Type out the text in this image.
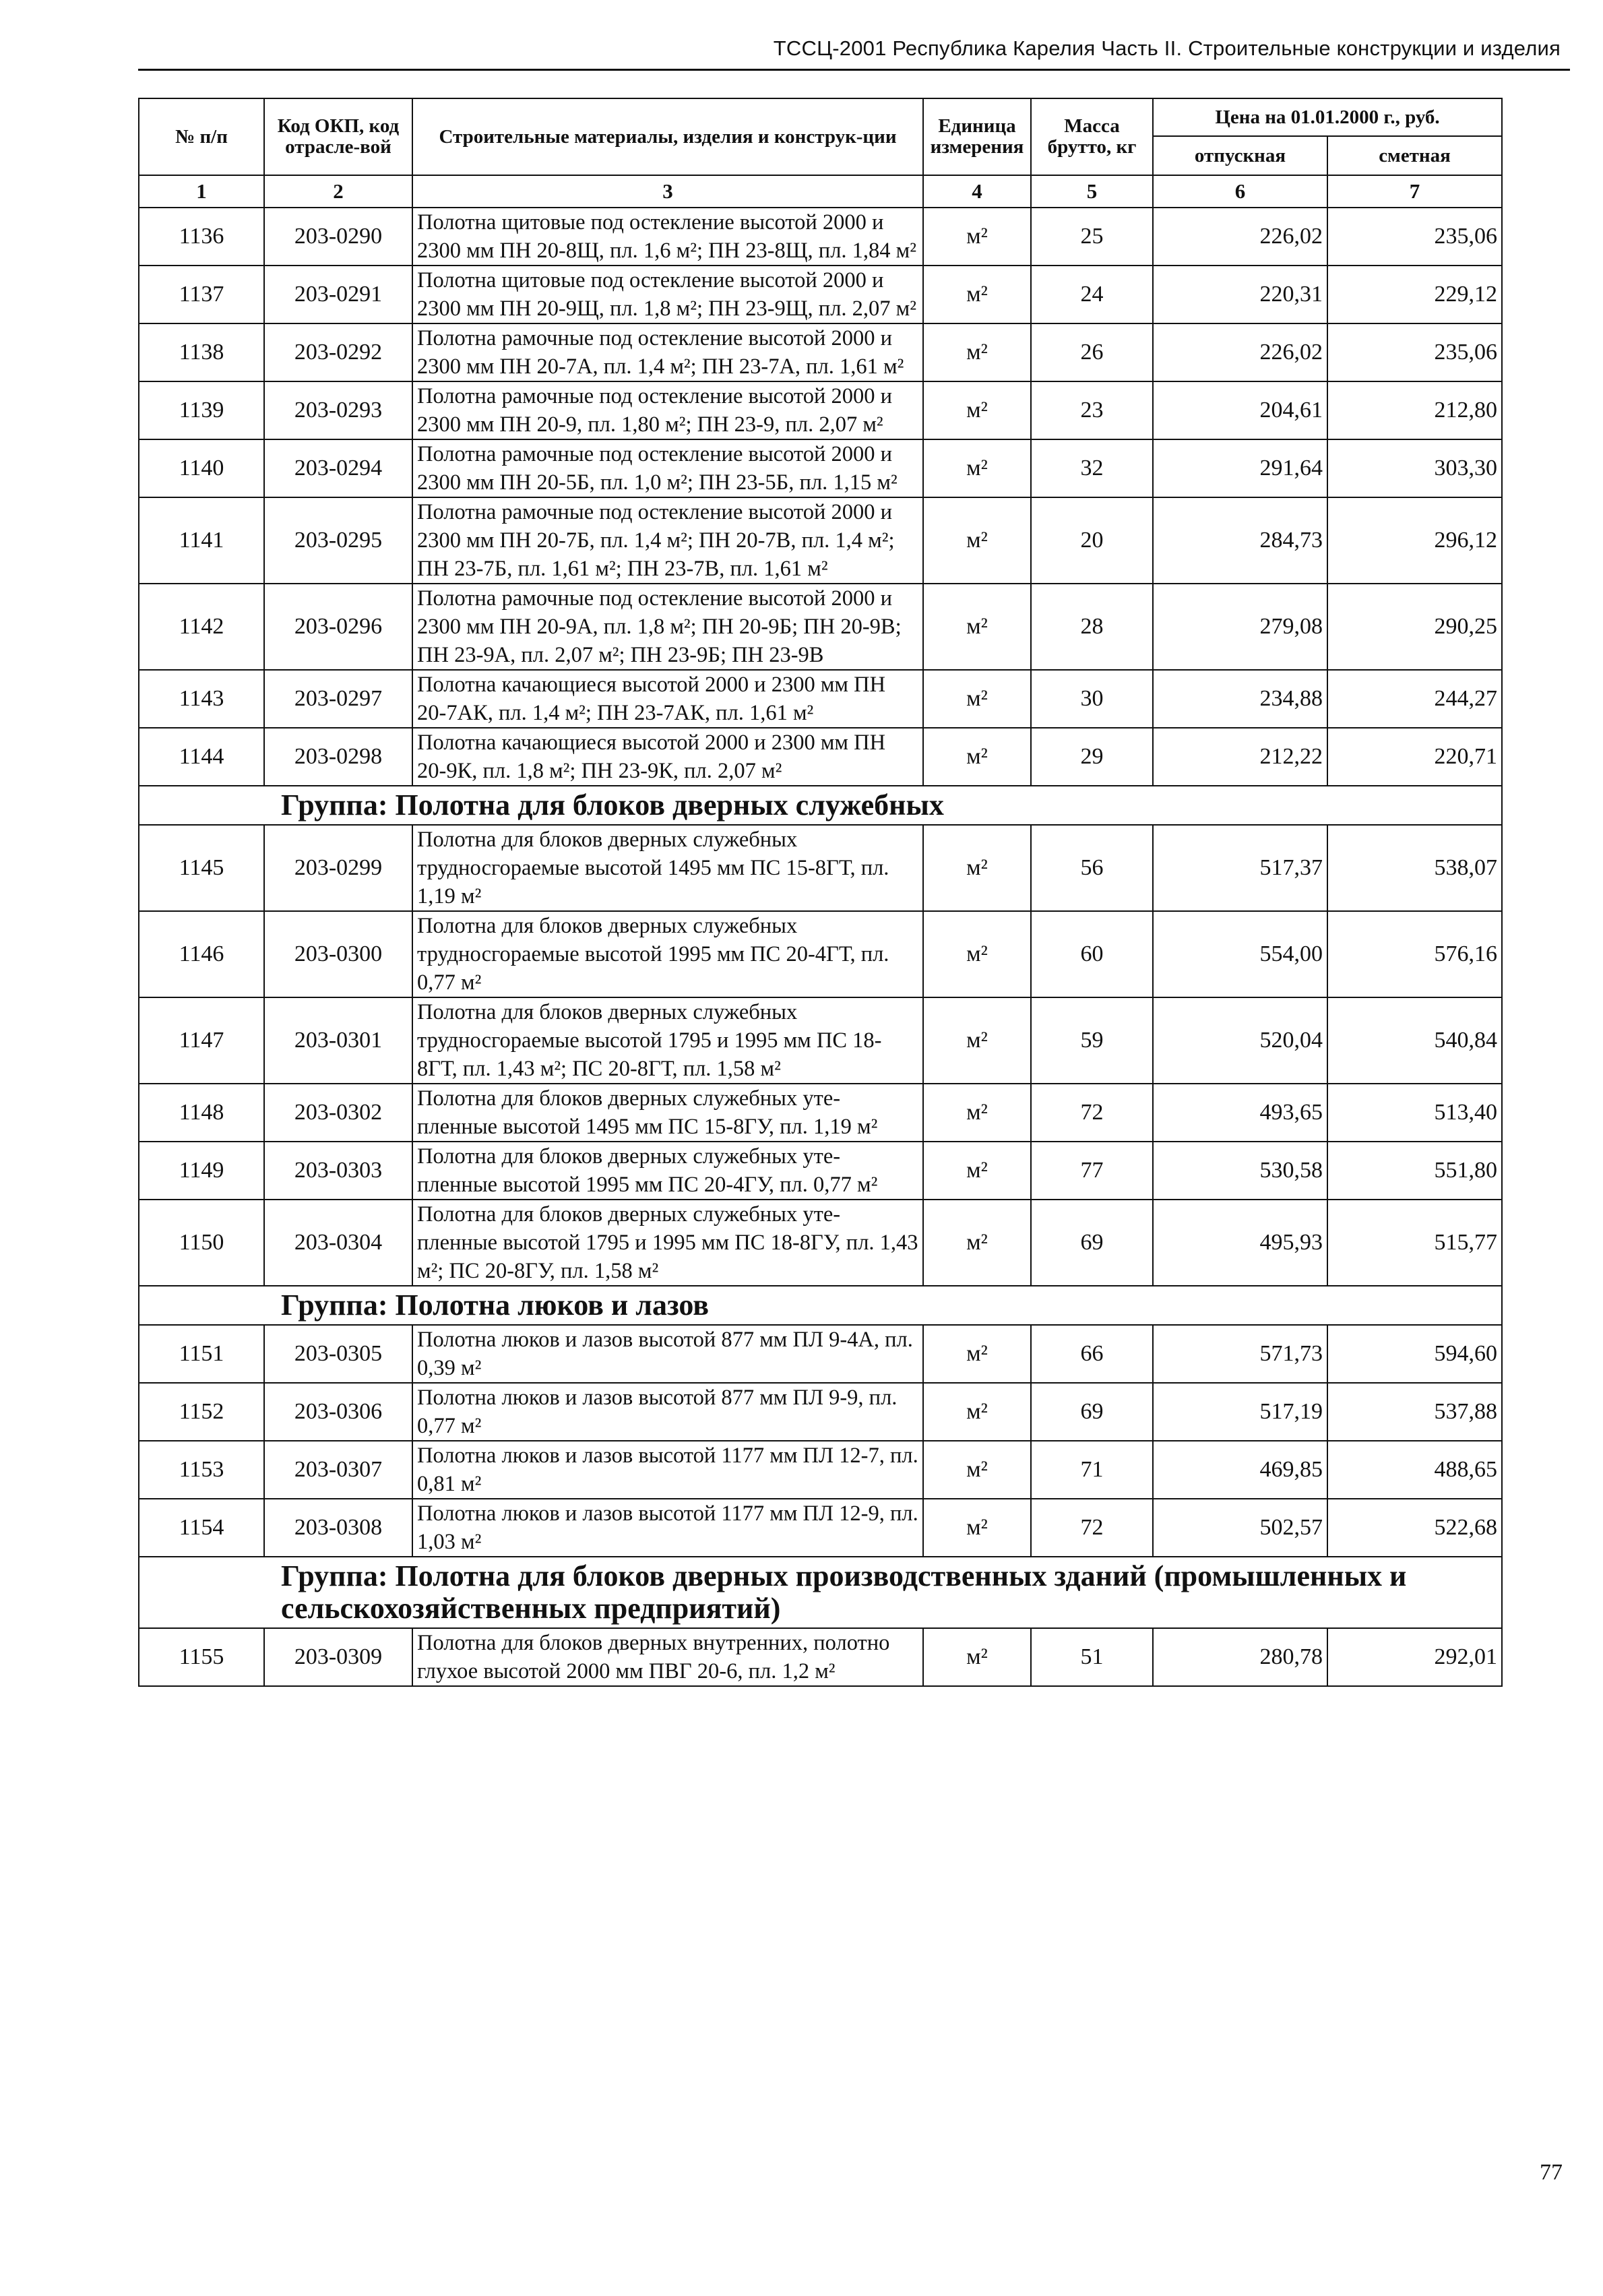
ТССЦ-2001 Республика Карелия Часть II. Строительные конструкции и изделия
№ п/п	Код ОКП, код отрасле-вой	Строительные материалы, изделия и конструк-ции	Единица измерения	Масса брутто, кг	Цена на 01.01.2000 г., руб.	
					отпускная	сметная
1	2	3	4	5	6	7
1136	203-0290	Полотна щитовые под остекление высотой 2000 и 2300 мм ПН 20-8Щ, пл. 1,6 м²; ПН 23-8Щ, пл. 1,84 м²	м²	25	226,02	235,06
1137	203-0291	Полотна щитовые под остекление высотой 2000 и 2300 мм ПН 20-9Щ, пл. 1,8 м²; ПН 23-9Щ, пл. 2,07 м²	м²	24	220,31	229,12
1138	203-0292	Полотна рамочные под остекление высотой 2000 и 2300 мм ПН 20-7А, пл. 1,4 м²; ПН 23-7А, пл. 1,61 м²	м²	26	226,02	235,06
1139	203-0293	Полотна рамочные под остекление высотой 2000 и 2300 мм ПН 20-9, пл. 1,80 м²; ПН 23-9, пл. 2,07 м²	м²	23	204,61	212,80
1140	203-0294	Полотна рамочные под остекление высотой 2000 и 2300 мм ПН 20-5Б, пл. 1,0 м²; ПН 23-5Б, пл. 1,15 м²	м²	32	291,64	303,30
1141	203-0295	Полотна рамочные под остекление высотой 2000 и 2300 мм ПН 20-7Б, пл. 1,4 м²; ПН 20-7В, пл. 1,4 м²; ПН 23-7Б, пл. 1,61 м²; ПН 23-7В, пл. 1,61 м²	м²	20	284,73	296,12
1142	203-0296	Полотна рамочные под остекление высотой 2000 и 2300 мм ПН 20-9А, пл. 1,8 м²; ПН 20-9Б; ПН 20-9В; ПН 23-9А, пл. 2,07 м²; ПН 23-9Б; ПН 23-9В	м²	28	279,08	290,25
1143	203-0297	Полотна качающиеся высотой 2000 и 2300 мм ПН 20-7АК, пл. 1,4 м²; ПН 23-7АК, пл. 1,61 м²	м²	30	234,88	244,27
1144	203-0298	Полотна качающиеся высотой 2000 и 2300 мм ПН 20-9К, пл. 1,8 м²; ПН 23-9К, пл. 2,07 м²	м²	29	212,22	220,71
Группа: Полотна для блоков дверных служебных						
1145	203-0299	Полотна для блоков дверных служебных трудносгораемые высотой 1495 мм ПС 15-8ГТ, пл. 1,19 м²	м²	56	517,37	538,07
1146	203-0300	Полотна для блоков дверных служебных трудносгораемые высотой 1995 мм ПС 20-4ГТ, пл. 0,77 м²	м²	60	554,00	576,16
1147	203-0301	Полотна для блоков дверных служебных трудносгораемые высотой 1795 и 1995 мм ПС 18-8ГТ, пл. 1,43 м²; ПС 20-8ГТ, пл. 1,58 м²	м²	59	520,04	540,84
1148	203-0302	Полотна для блоков дверных служебных уте-пленные высотой 1495 мм ПС 15-8ГУ, пл. 1,19 м²	м²	72	493,65	513,40
1149	203-0303	Полотна для блоков дверных служебных уте-пленные высотой 1995 мм ПС 20-4ГУ, пл. 0,77 м²	м²	77	530,58	551,80
1150	203-0304	Полотна для блоков дверных служебных уте-пленные высотой 1795 и 1995 мм ПС 18-8ГУ, пл. 1,43 м²; ПС 20-8ГУ, пл. 1,58 м²	м²	69	495,93	515,77
Группа: Полотна люков и лазов						
1151	203-0305	Полотна люков и лазов высотой 877 мм ПЛ 9-4А, пл. 0,39 м²	м²	66	571,73	594,60
1152	203-0306	Полотна люков и лазов высотой 877 мм ПЛ 9-9, пл. 0,77 м²	м²	69	517,19	537,88
1153	203-0307	Полотна люков и лазов высотой 1177 мм ПЛ 12-7, пл. 0,81 м²	м²	71	469,85	488,65
1154	203-0308	Полотна люков и лазов высотой 1177 мм ПЛ 12-9, пл. 1,03 м²	м²	72	502,57	522,68
Группа: Полотна для блоков дверных производственных зданий (промышленных и сельскохозяйственных предприятий)						
1155	203-0309	Полотна для блоков дверных внутренних, полотно глухое высотой 2000 мм ПВГ 20-6, пл. 1,2 м²	м²	51	280,78	292,01
77
